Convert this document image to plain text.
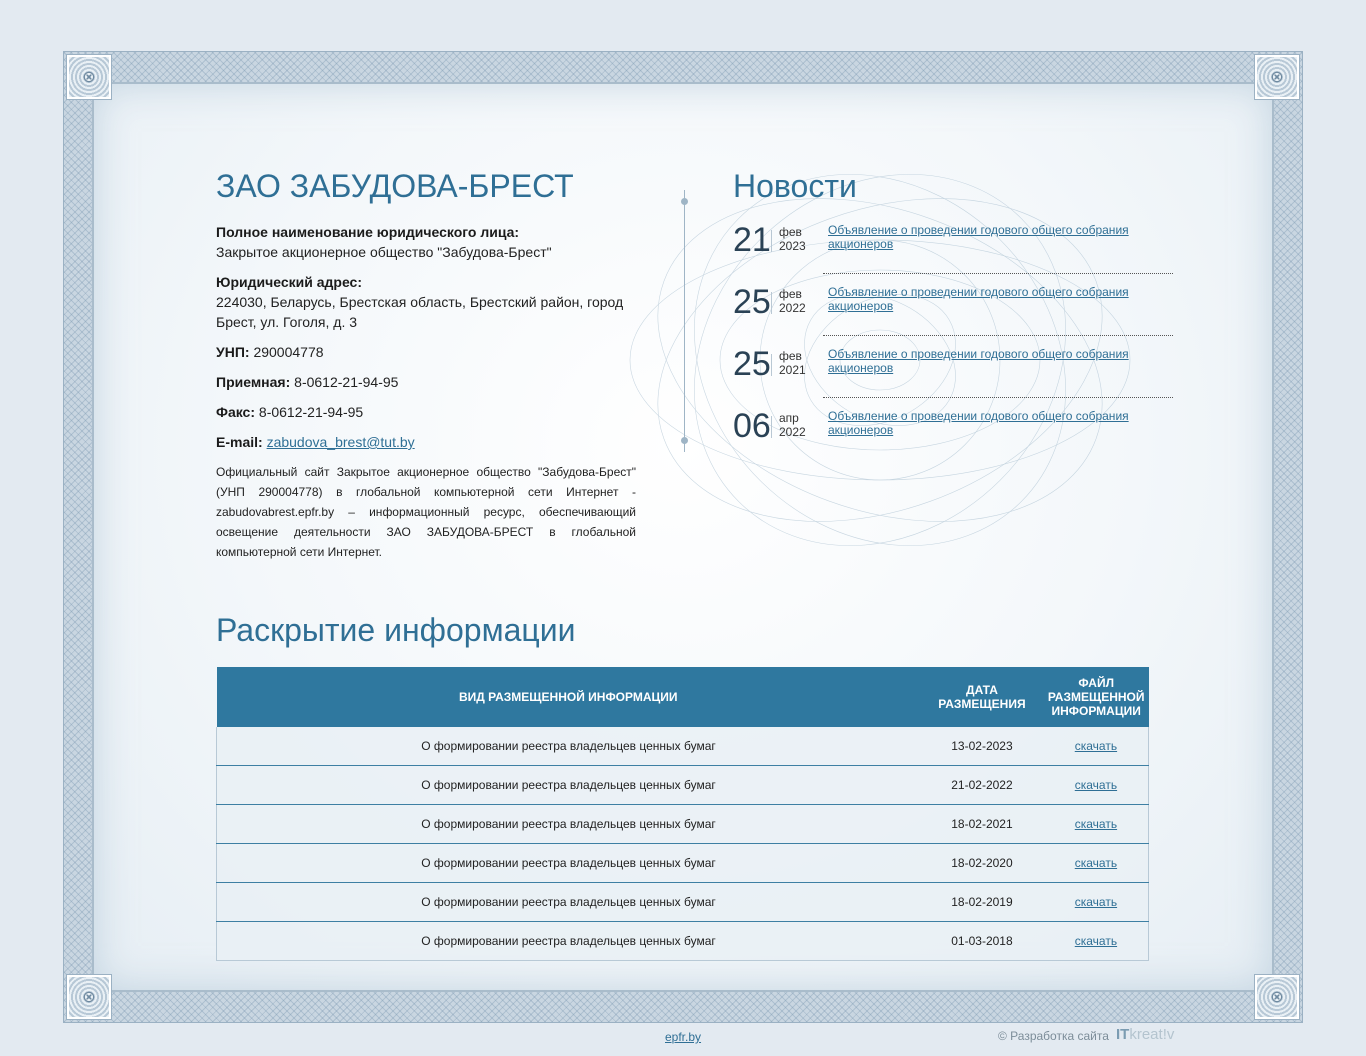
⊗	⊗
⊗	⊗
ЗАО ЗАБУДОВА-БРЕСТ
Полное наименование юридического лица:
Закрытое акционерное общество "Забудова-Брест"
Юридический адрес:
224030, Беларусь, Брестская область, Брестский район, город Брест, ул. Гоголя, д. 3
УНП: 290004778
Приемная: 8-0612-21-94-95
Факс: 8-0612-21-94-95
E-mail: zabudova_brest@tut.by
Официальный сайт Закрытое акционерное общество "Забудова-Брест" (УНП 290004778) в глобальной компьютерной сети Интернет - zabudovabrest.epfr.by – информационный ресурс, обеспечивающий освещение деятельности ЗАО ЗАБУДОВА-БРЕСТ в глобальной компьютерной сети Интернет.
Новости
21 фев
2023
Объявление о проведении годового общего собрания акционеров
25 фев
2022
Объявление о проведении годового общего собрания акционеров
25 фев
2021
Объявление о проведении годового общего собрания акционеров
06 апр
2022
Объявление о проведении годового общего собрания акционеров
Раскрытие информации
ВИД РАЗМЕЩЕННОЙ ИНФОРМАЦИИ	ДАТА РАЗМЕЩЕНИЯ	ФАЙЛ РАЗМЕЩЕННОЙ ИНФОРМАЦИИ
О формировании реестра владельцев ценных бумаг	13-02-2023	скачать
О формировании реестра владельцев ценных бумаг	21-02-2022	скачать
О формировании реестра владельцев ценных бумаг	18-02-2021	скачать
О формировании реестра владельцев ценных бумаг	18-02-2020	скачать
О формировании реестра владельцев ценных бумаг	18-02-2019	скачать
О формировании реестра владельцев ценных бумаг	01-03-2018	скачать
epfr.by	© Разработка сайта ITkreat!v
